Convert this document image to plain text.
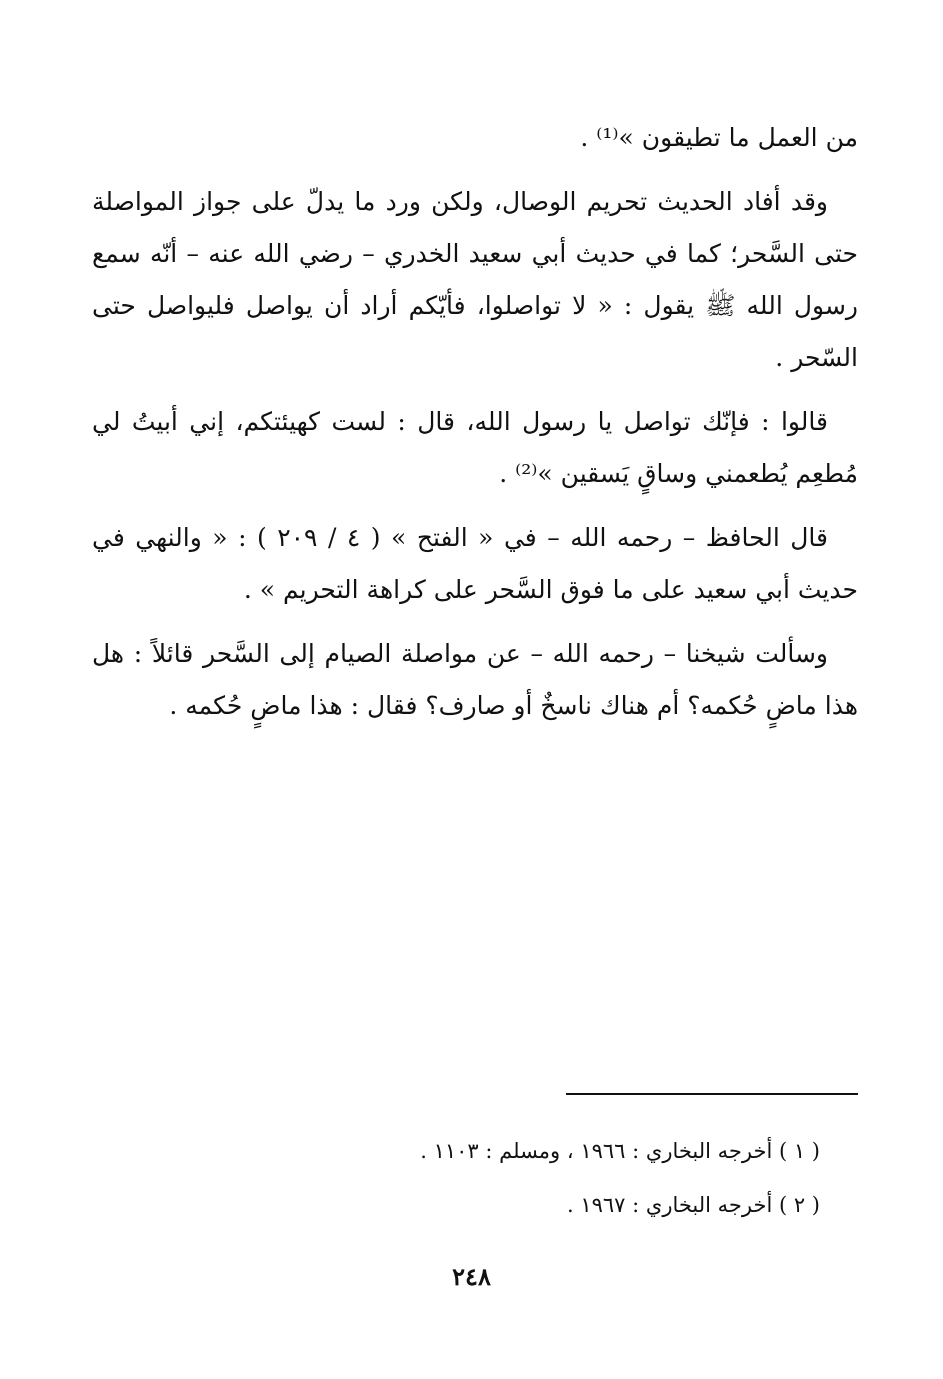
من العمل ما تطيقون »⁽¹⁾ .

وقد أفاد الحديث تحريم الوصال، ولكن ورد ما يدلّ على جواز المواصلة حتى السَّحر؛ كما في حديث أبي سعيد الخدري – رضي الله عنه – أنّه سمع رسول الله ﷺ يقول : « لا تواصلوا، فأيّكم أراد أن يواصل فليواصل حتى السّحر .

قالوا : فإنّك تواصل يا رسول الله، قال : لست كهيئتكم، إني أبيتُ لي مُطعِم يُطعمني وساقٍ يَسقين »⁽²⁾ .

قال الحافظ – رحمه الله – في « الفتح » ( ٤ / ٢٠٩ ) : « والنهي في حديث أبي سعيد على ما فوق السَّحر على كراهة التحريم » .

وسألت شيخنا – رحمه الله – عن مواصلة الصيام إلى السَّحر قائلاً : هل هذا ماضٍ حُكمه؟ أم هناك ناسخٌ أو صارف؟ فقال : هذا ماضٍ حُكمه .

( ١ ) أخرجه البخاري : ١٩٦٦ ، ومسلم : ١١٠٣ .

( ٢ ) أخرجه البخاري : ١٩٦٧ .

٢٤٨
